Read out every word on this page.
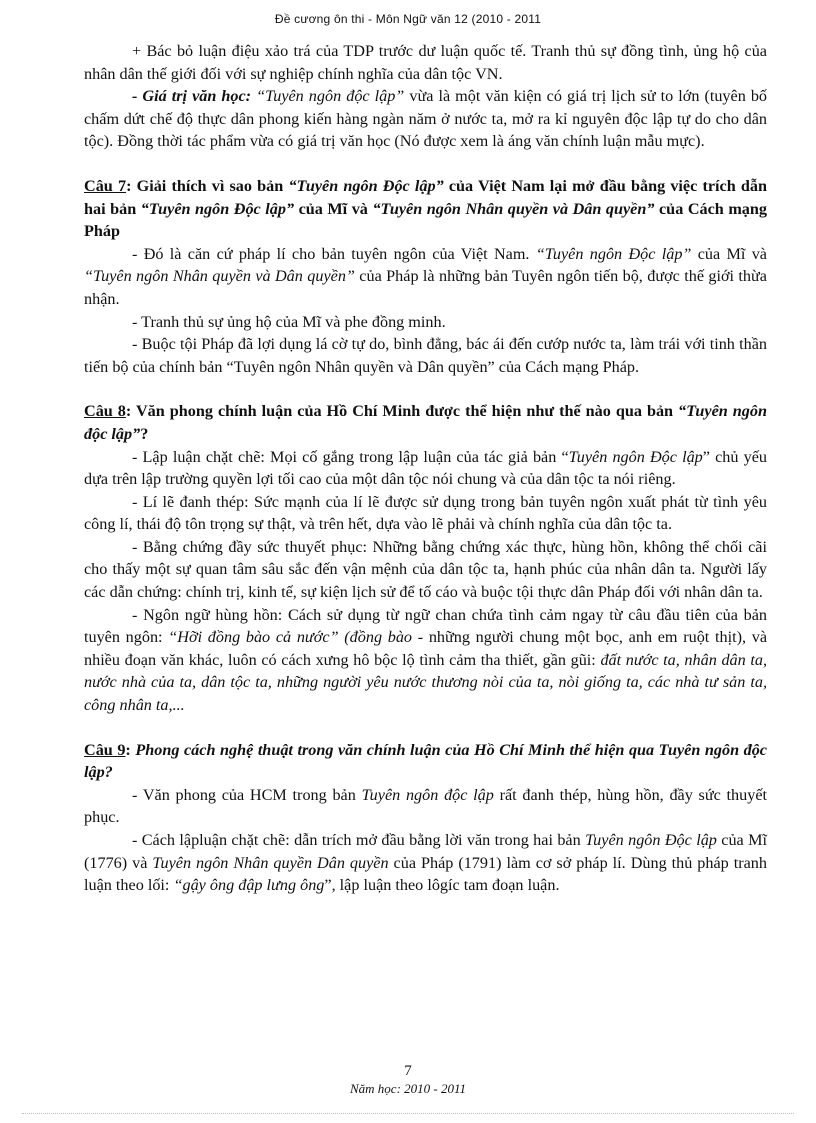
Đề cương ôn thi - Môn Ngữ văn 12 (2010 - 2011

+ Bác bỏ luận điệu xảo trá của TDP trước dư luận quốc tế. Tranh thủ sự đồng tình, ủng hộ của nhân dân thế giới đối với sự nghiệp chính nghĩa của dân tộc VN.

- Giá trị văn học: “Tuyên ngôn độc lập” vừa là một văn kiện có giá trị lịch sử to lớn (tuyên bố chấm dứt chế độ thực dân phong kiến hàng ngàn năm ở nước ta, mở ra kỉ nguyên độc lập tự do cho dân tộc). Đồng thời tác phẩm vừa có giá trị văn học (Nó được xem là áng văn chính luận mẫu mực).

Câu 7: Giải thích vì sao bản “Tuyên ngôn Độc lập” của Việt Nam lại mở đầu bằng việc trích dẫn hai bản “Tuyên ngôn Độc lập” của Mĩ và “Tuyên ngôn Nhân quyền và Dân quyền” của Cách mạng Pháp

- Đó là căn cứ pháp lí cho bản tuyên ngôn của Việt Nam. “Tuyên ngôn Độc lập” của Mĩ và “Tuyên ngôn Nhân quyền và Dân quyền” của Pháp là những bản Tuyên ngôn tiến bộ, được thế giới thừa nhận.

- Tranh thủ sự ủng hộ của Mĩ và phe đồng minh.

- Buộc tội Pháp đã lợi dụng lá cờ tự do, bình đẳng, bác ái đến cướp nước ta, làm trái với tinh thần tiến bộ của chính bản “Tuyên ngôn Nhân quyền và Dân quyền” của Cách mạng Pháp.

Câu 8: Văn phong chính luận của Hồ Chí Minh được thể hiện như thế nào qua bản “Tuyên ngôn độc lập”?

- Lập luận chặt chẽ: Mọi cố gắng trong lập luận của tác giả bản “Tuyên ngôn Độc lập” chủ yếu dựa trên lập trường quyền lợi tối cao của một dân tộc nói chung và của dân tộc ta nói riêng.

- Lí lẽ đanh thép: Sức mạnh của lí lẽ được sử dụng trong bản tuyên ngôn xuất phát từ tình yêu công lí, thái độ tôn trọng sự thật, và trên hết, dựa vào lẽ phải và chính nghĩa của dân tộc ta.

- Bằng chứng đầy sức thuyết phục: Những bằng chứng xác thực, hùng hồn, không thể chối cãi cho thấy một sự quan tâm sâu sắc đến vận mệnh của dân tộc ta, hạnh phúc của nhân dân ta. Người lấy các dẫn chứng: chính trị, kinh tế, sự kiện lịch sử để tố cáo và buộc tội thực dân Pháp đối với nhân dân ta.

- Ngôn ngữ hùng hồn: Cách sử dụng từ ngữ chan chứa tình cảm ngay từ câu đầu tiên của bản tuyên ngôn: “Hỡi đồng bào cả nước” (đồng bào - những người chung một bọc, anh em ruột thịt), và nhiều đoạn văn khác, luôn có cách xưng hô bộc lộ tình cảm tha thiết, gần gũi: đất nước ta, nhân dân ta, nước nhà của ta, dân tộc ta, những người yêu nước thương nòi của ta, nòi giống ta, các nhà tư sản ta, công nhân ta,...

Câu 9: Phong cách nghệ thuật trong văn chính luận của Hồ Chí Minh thể hiện qua Tuyên ngôn độc lập?

- Văn phong của HCM trong bản Tuyên ngôn độc lập rất đanh thép, hùng hồn, đầy sức thuyết phục.

- Cách lậpluận chặt chẽ: dẫn trích mở đầu bằng lời văn trong hai bản Tuyên ngôn Độc lập của Mĩ (1776) và Tuyên ngôn Nhân quyền Dân quyền của Pháp (1791) làm cơ sở pháp lí. Dùng thủ pháp tranh luận theo lối: “gậy ông đập lưng ông”, lập luận theo lôgíc tam đoạn luận.

7
Năm học: 2010 - 2011
